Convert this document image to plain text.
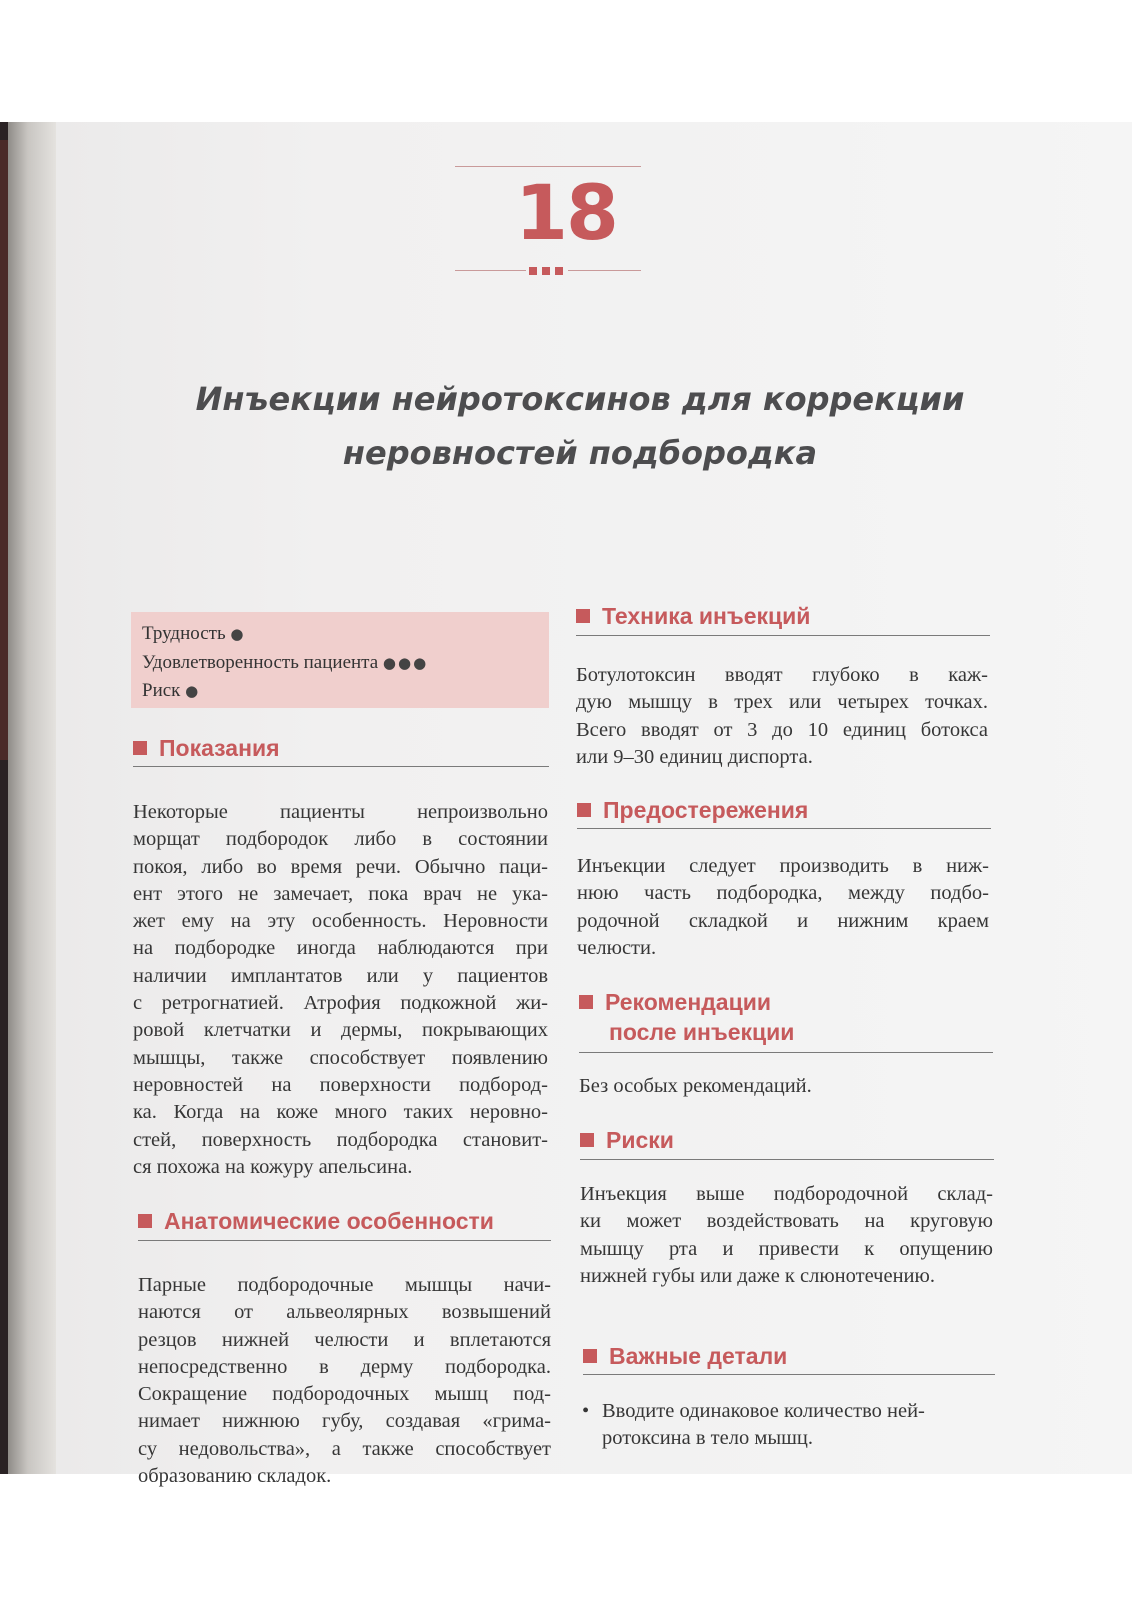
18
Инъекции нейротоксинов для коррекции
неровностей подбородка
Трудность ●
Удовлетворенность пациента ●●●
Риск ●
Показания
Некоторые пациенты непроизвольно
морщат подбородок либо в состоянии
покоя, либо во время речи. Обычно паци-
ент этого не замечает, пока врач не ука-
жет ему на эту особенность. Неровности
на подбородке иногда наблюдаются при
наличии имплантатов или у пациентов
с ретрогнатией. Атрофия подкожной жи-
ровой клетчатки и дермы, покрывающих
мышцы, также способствует появлению
неровностей на поверхности подбород-
ка. Когда на коже много таких неровно-
стей, поверхность подбородка становит-
ся похожа на кожуру апельсина.
Анатомические особенности
Парные подбородочные мышцы начи-
наются от альвеолярных возвышений
резцов нижней челюсти и вплетаются
непосредственно в дерму подбородка.
Сокращение подбородочных мышц под-
нимает нижнюю губу, создавая «грима-
су недовольства», а также способствует
образованию складок.
Техника инъекций
Ботулотоксин вводят глубоко в каж-
дую мышцу в трех или четырех точках.
Всего вводят от 3 до 10 единиц ботокса
или 9–30 единиц диспорта.
Предостережения
Инъекции следует производить в ниж-
нюю часть подбородка, между подбо-
родочной складкой и нижним краем
челюсти.
Рекомендации
после инъекции
Без особых рекомендаций.
Риски
Инъекция выше подбородочной склад-
ки может воздействовать на круговую
мышцу рта и привести к опущению
нижней губы или даже к слюнотечению.
Важные детали
• Вводите одинаковое количество ней-
ротоксина в тело мышц.
